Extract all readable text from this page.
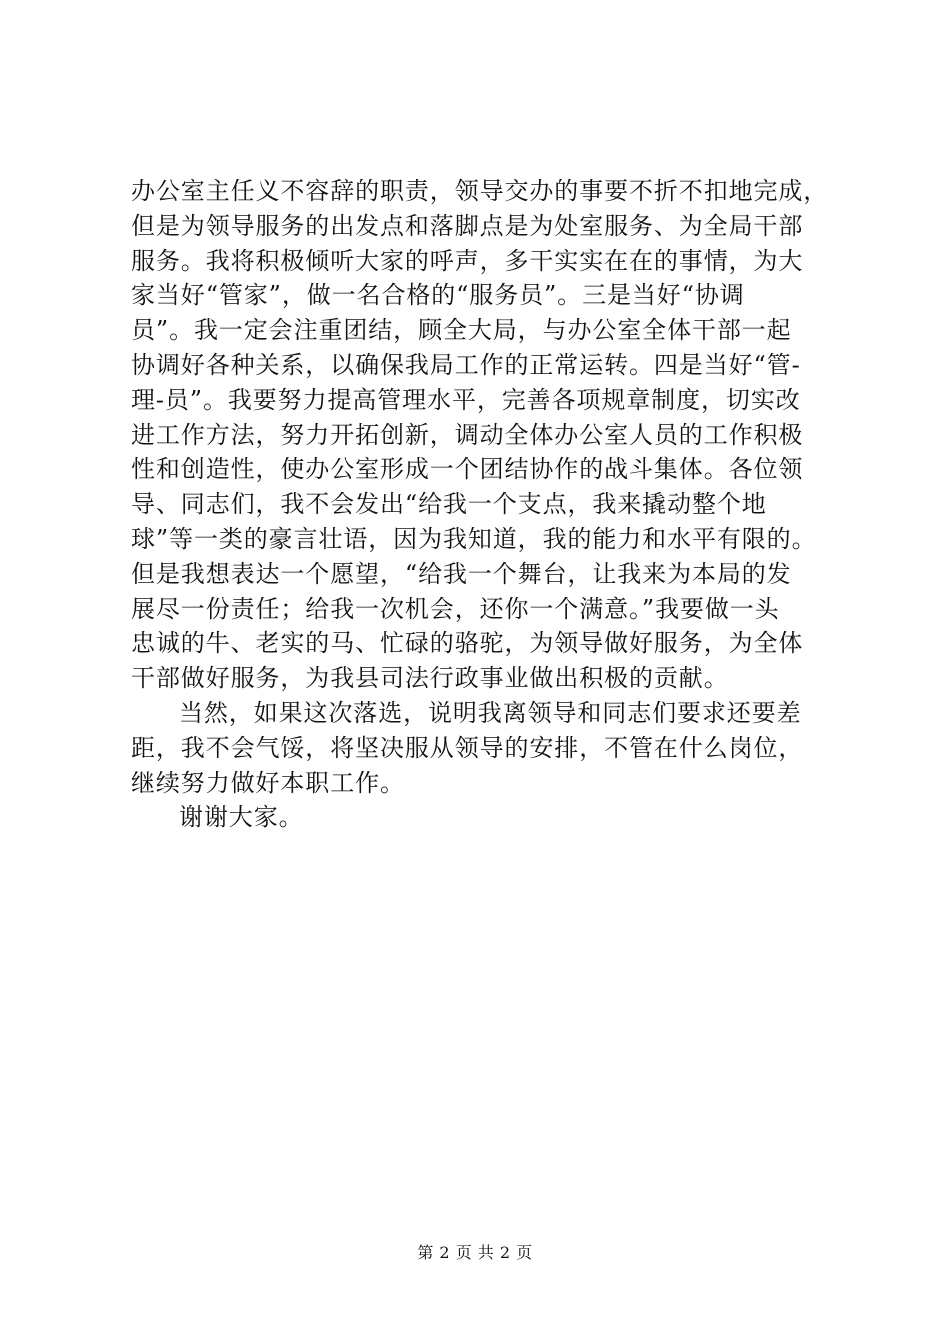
办公室主任义不容辞的职责，领导交办的事要不折不扣地完成，
但是为领导服务的出发点和落脚点是为处室服务、为全局干部
服务。我将积极倾听大家的呼声，多干实实在在的事情，为大
家当好“管家”，做一名合格的“服务员”。三是当好“协调
员”。我一定会注重团结，顾全大局，与办公室全体干部一起
协调好各种关系，以确保我局工作的正常运转。四是当好“管-
理-员”。我要努力提高管理水平，完善各项规章制度，切实改
进工作方法，努力开拓创新，调动全体办公室人员的工作积极
性和创造性，使办公室形成一个团结协作的战斗集体。各位领
导、同志们，我不会发出“给我一个支点，我来撬动整个地
球”等一类的豪言壮语，因为我知道，我的能力和水平有限的。
但是我想表达一个愿望，“给我一个舞台，让我来为本局的发
展尽一份责任；给我一次机会，还你一个满意。”我要做一头
忠诚的牛、老实的马、忙碌的骆驼，为领导做好服务，为全体
干部做好服务，为我县司法行政事业做出积极的贡献。
当然，如果这次落选，说明我离领导和同志们要求还要差
距，我不会气馁，将坚决服从领导的安排，不管在什么岗位，
继续努力做好本职工作。
谢谢大家。
第 2 页 共 2 页
